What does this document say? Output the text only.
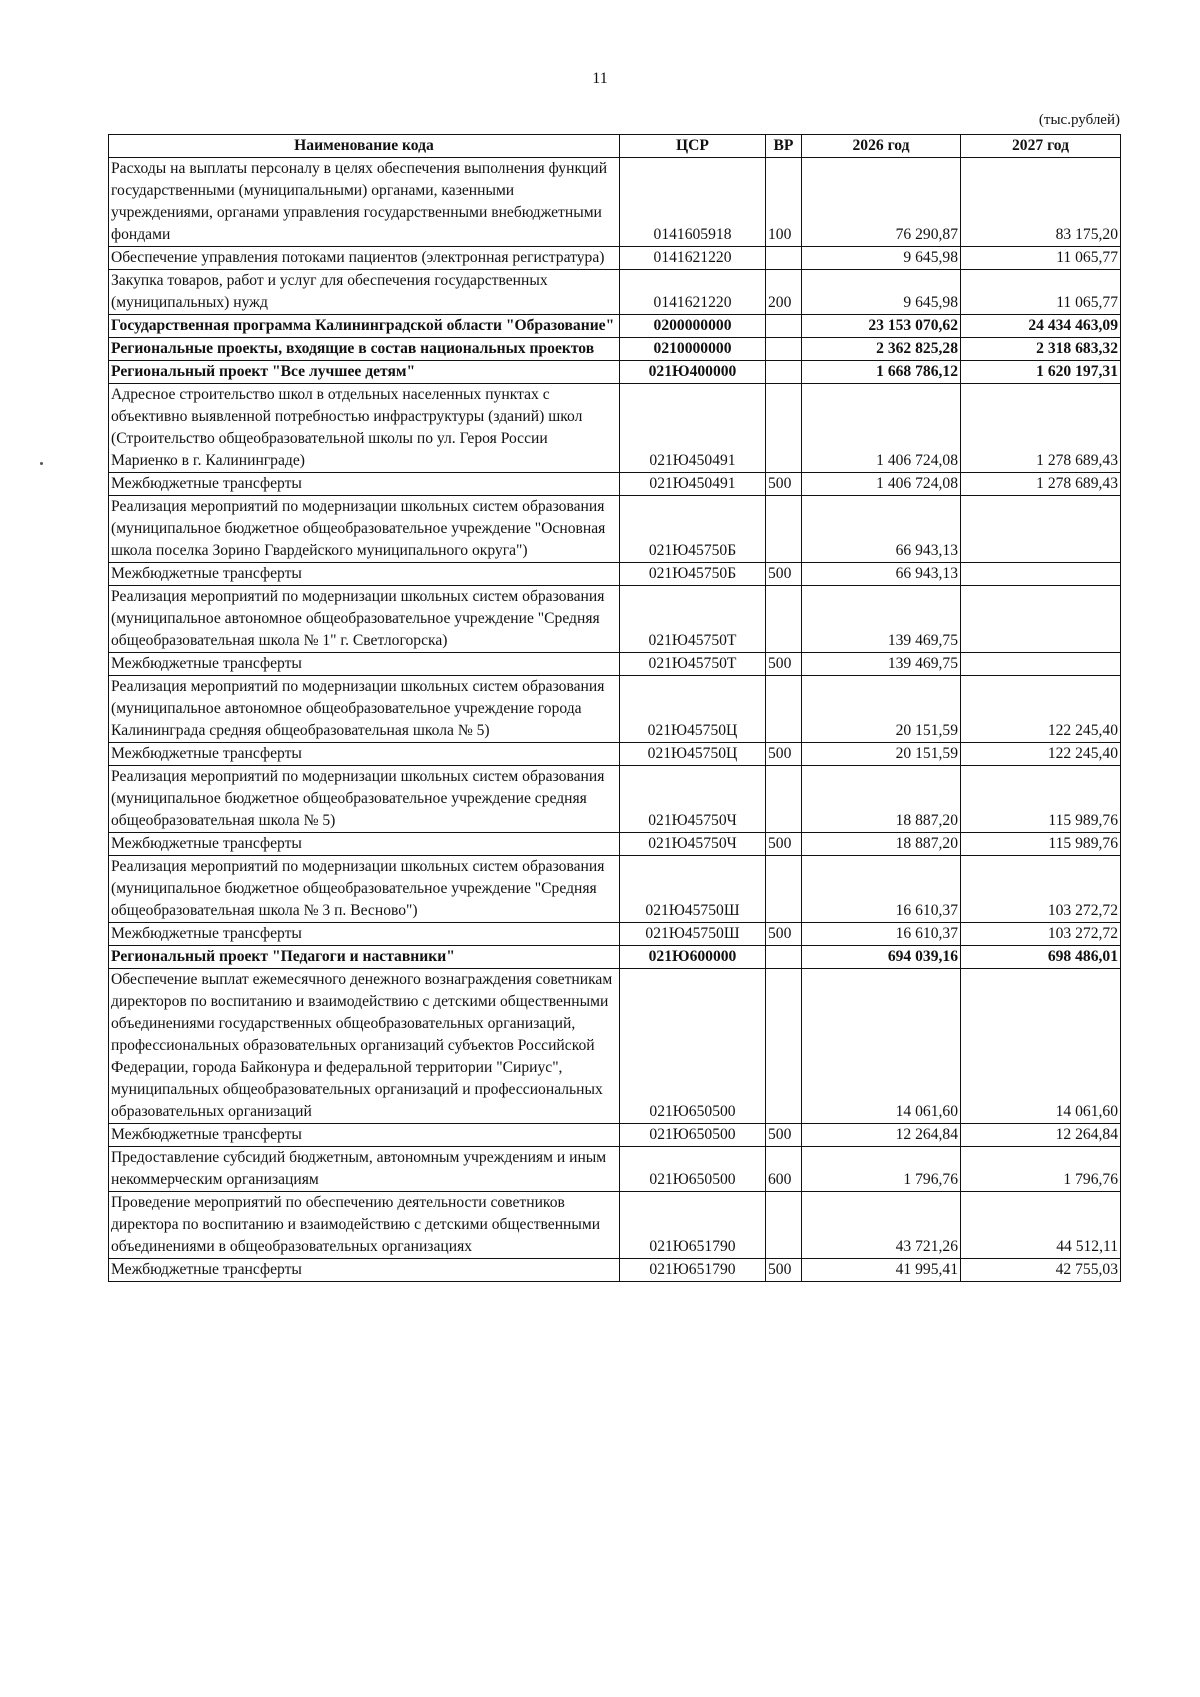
11
(тыс.рублей)
Наименование кода	ЦСР	ВР	2026 год	2027 год
Расходы на выплаты персоналу в целях обеспечения выполнения функций государственными (муниципальными) органами, казенными учреждениями, органами управления государственными внебюджетными фондами	0141605918	100	76 290,87	83 175,20
Обеспечение управления потоками пациентов (электронная регистратура)	0141621220		9 645,98	11 065,77
Закупка товаров, работ и услуг для обеспечения государственных (муниципальных) нужд	0141621220	200	9 645,98	11 065,77
Государственная программа Калининградской области "Образование"	0200000000		23 153 070,62	24 434 463,09
Региональные проекты, входящие в состав национальных проектов	0210000000		2 362 825,28	2 318 683,32
Региональный проект "Все лучшее детям"	021Ю400000		1 668 786,12	1 620 197,31
Адресное строительство школ в отдельных населенных пунктах с объективно выявленной потребностью инфраструктуры (зданий) школ (Строительство общеобразовательной школы по ул. Героя России Мариенко в г. Калининграде)	021Ю450491		1 406 724,08	1 278 689,43
Межбюджетные трансферты	021Ю450491	500	1 406 724,08	1 278 689,43
Реализация мероприятий по модернизации школьных систем образования (муниципальное бюджетное общеобразовательное учреждение "Основная школа поселка Зорино Гвардейского муниципального округа")	021Ю45750Б		66 943,13	
Межбюджетные трансферты	021Ю45750Б	500	66 943,13	
Реализация мероприятий по модернизации школьных систем образования (муниципальное автономное общеобразовательное учреждение "Средняя общеобразовательная школа № 1" г. Светлогорска)	021Ю45750Т		139 469,75	
Межбюджетные трансферты	021Ю45750Т	500	139 469,75	
Реализация мероприятий по модернизации школьных систем образования (муниципальное автономное общеобразовательное учреждение города Калининграда средняя общеобразовательная школа № 5)	021Ю45750Ц		20 151,59	122 245,40
Межбюджетные трансферты	021Ю45750Ц	500	20 151,59	122 245,40
Реализация мероприятий по модернизации школьных систем образования (муниципальное бюджетное общеобразовательное учреждение средняя общеобразовательная школа № 5)	021Ю45750Ч		18 887,20	115 989,76
Межбюджетные трансферты	021Ю45750Ч	500	18 887,20	115 989,76
Реализация мероприятий по модернизации школьных систем образования (муниципальное бюджетное общеобразовательное учреждение "Средняя общеобразовательная школа № 3 п. Весново")	021Ю45750Ш		16 610,37	103 272,72
Межбюджетные трансферты	021Ю45750Ш	500	16 610,37	103 272,72
Региональный проект "Педагоги и наставники"	021Ю600000		694 039,16	698 486,01
Обеспечение выплат ежемесячного денежного вознаграждения советникам директоров по воспитанию и взаимодействию с детскими общественными объединениями государственных общеобразовательных организаций, профессиональных образовательных организаций субъектов Российской Федерации, города Байконура и федеральной территории "Сириус", муниципальных общеобразовательных организаций и профессиональных образовательных организаций	021Ю650500		14 061,60	14 061,60
Межбюджетные трансферты	021Ю650500	500	12 264,84	12 264,84
Предоставление субсидий бюджетным, автономным учреждениям и иным некоммерческим организациям	021Ю650500	600	1 796,76	1 796,76
Проведение мероприятий по обеспечению деятельности советников директора по воспитанию и взаимодействию с детскими общественными объединениями в общеобразовательных организациях	021Ю651790		43 721,26	44 512,11
Межбюджетные трансферты	021Ю651790	500	41 995,41	42 755,03
